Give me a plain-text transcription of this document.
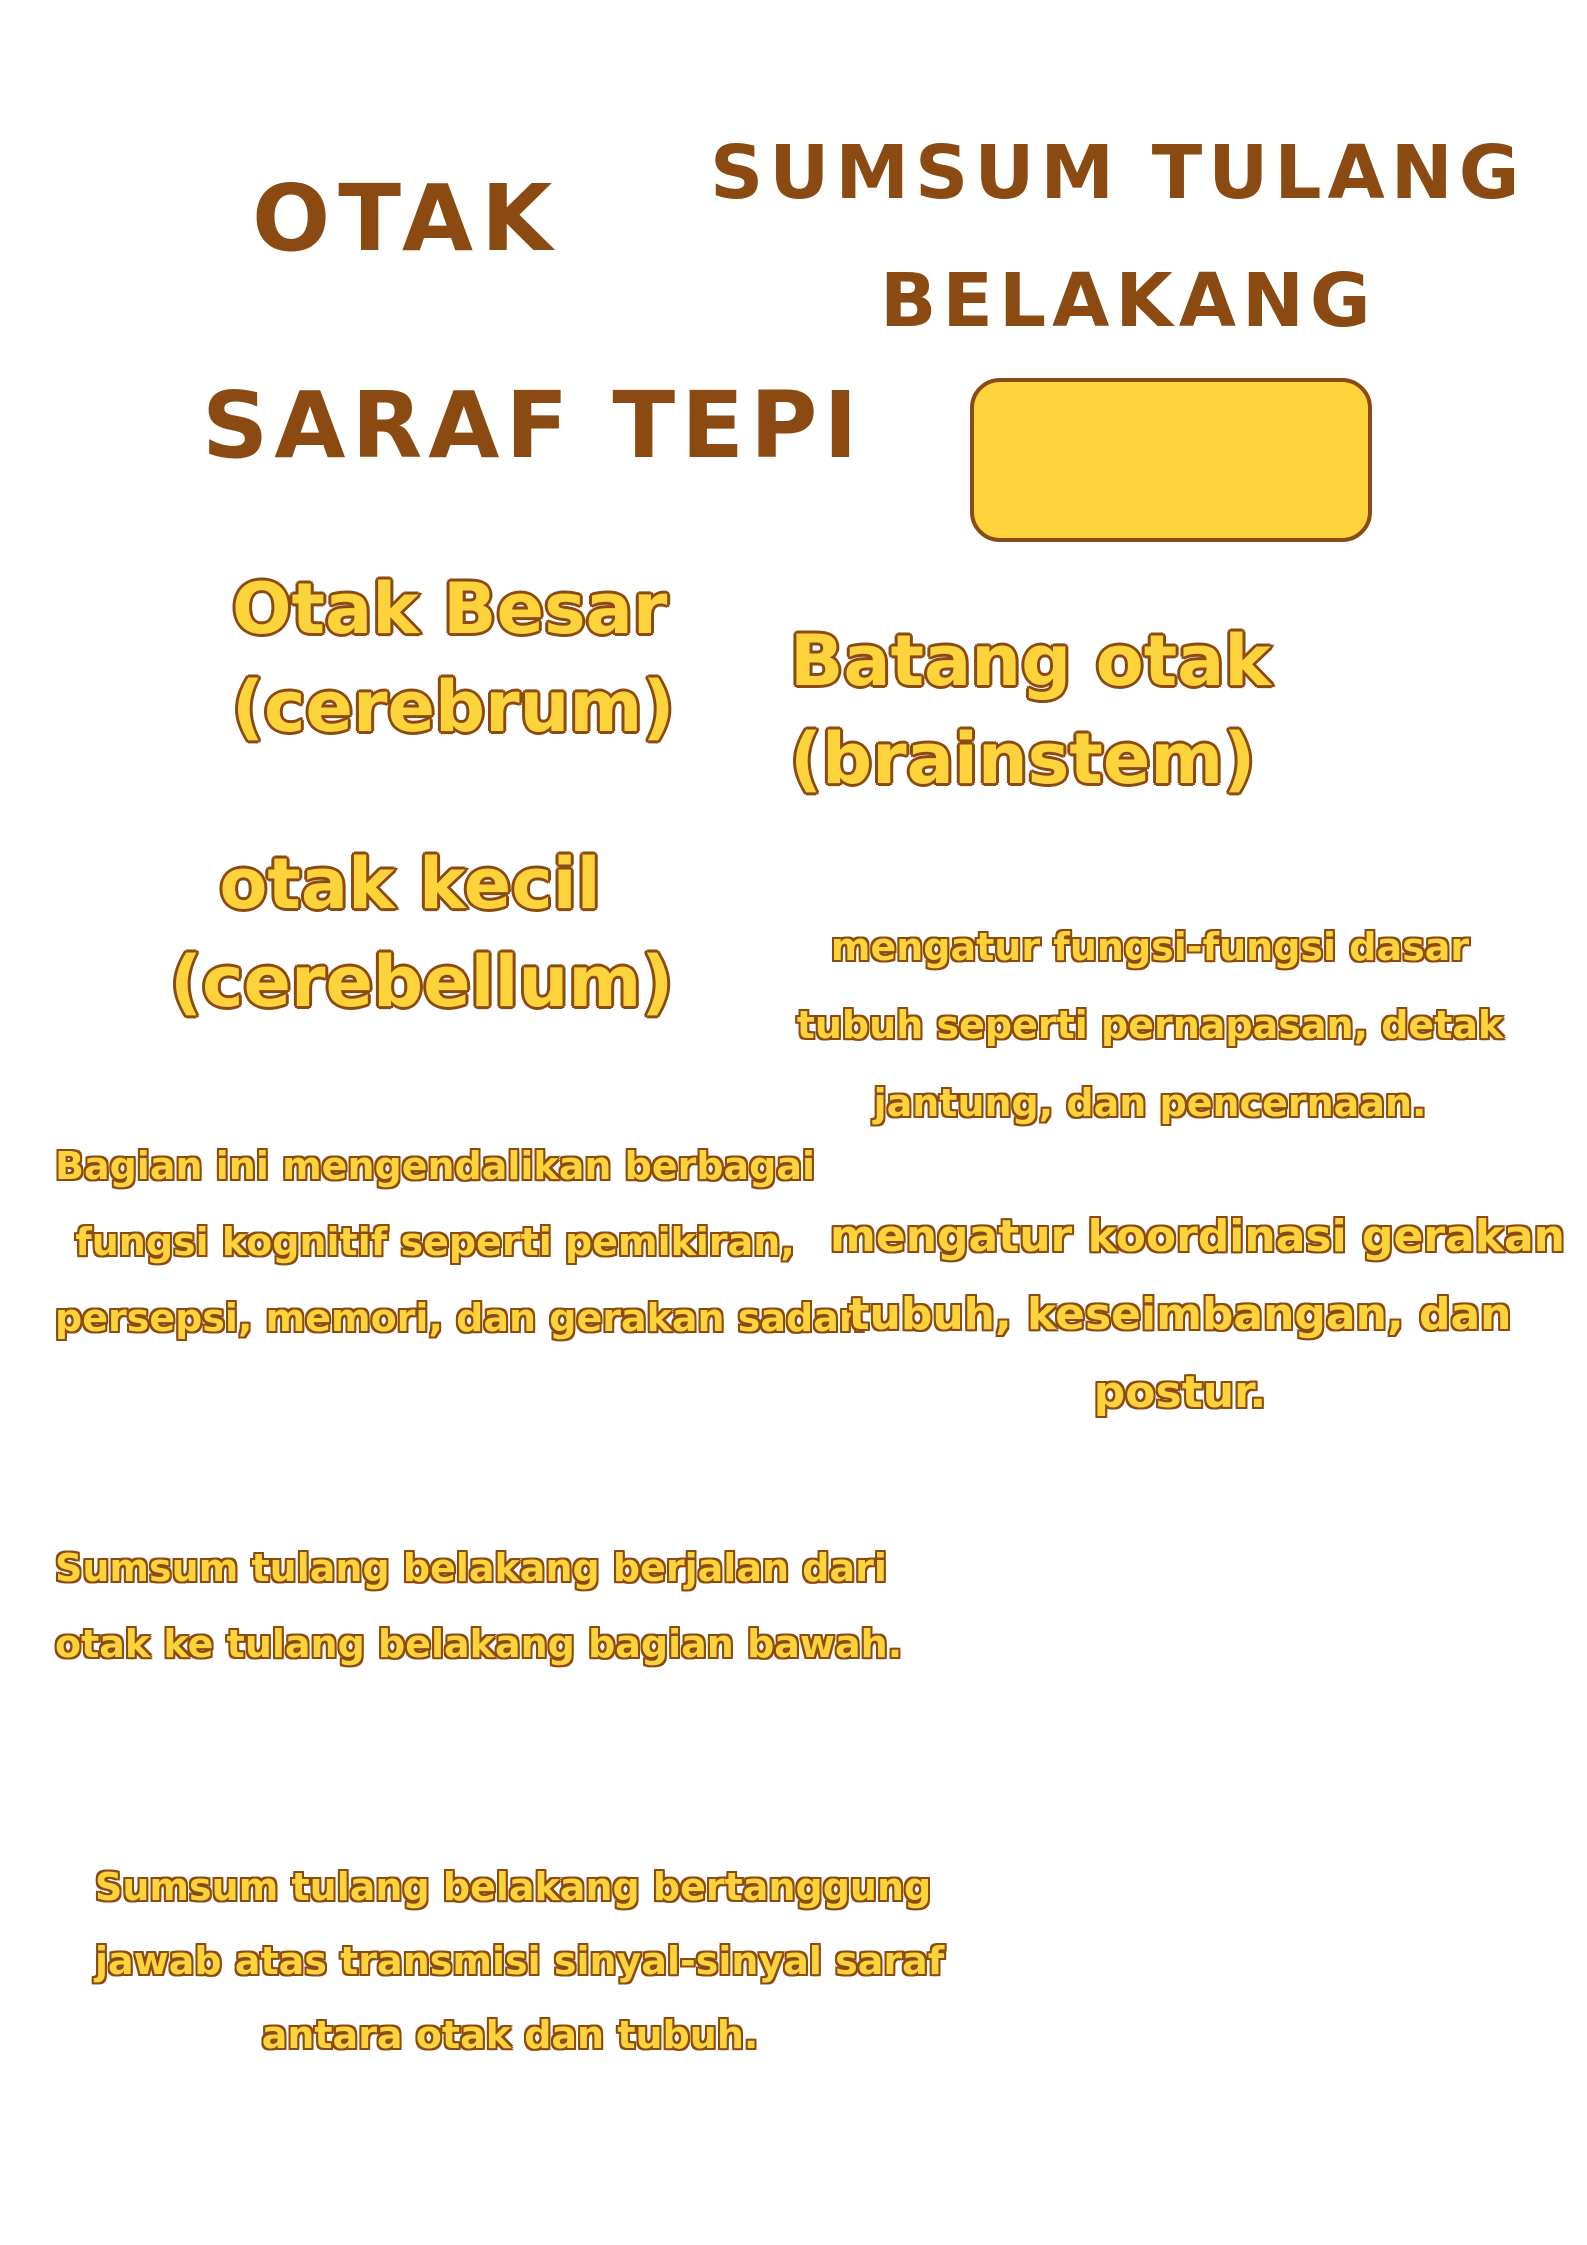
OTAK SUMSUM TULANG
BELAKANG
SARAF TEPI
Otak Besar
(cerebrum)
Batang otak
(brainstem)
otak kecil
(cerebellum)	mengatur fungsi-fungsi dasar
tubuh seperti pernapasan, detak
jantung, dan pencernaan.
Bagian ini mengendalikan berbagai
fungsi kognitif seperti pemikiran,
persepsi, memori, dan gerakan sadar.
mengatur koordinasi gerakan
tubuh, keseimbangan, dan
postur.
Sumsum tulang belakang berjalan dari
otak ke tulang belakang bagian bawah.
Sumsum tulang belakang bertanggung
jawab atas transmisi sinyal-sinyal saraf
antara otak dan tubuh.
